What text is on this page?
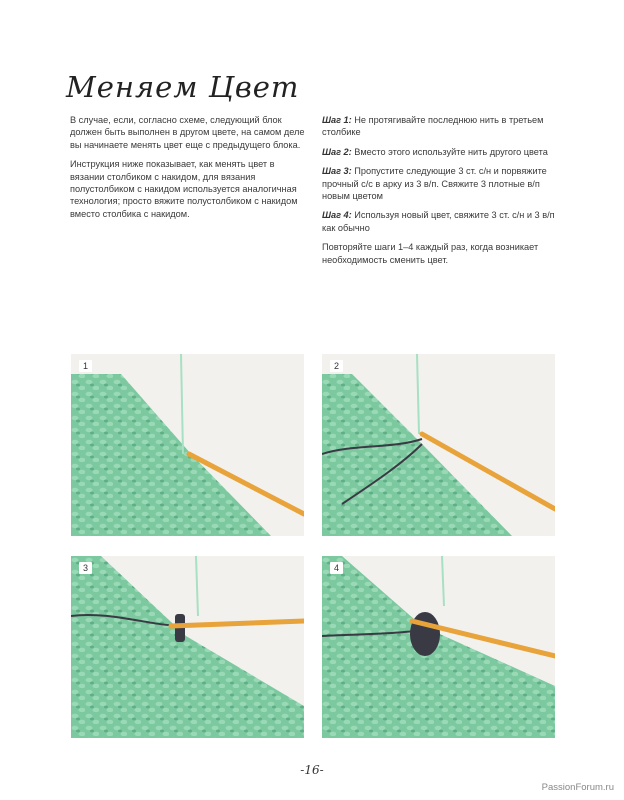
Меняем Цвет

В случае, если, согласно схеме, следующий блок должен быть выполнен в другом цвете, на самом деле вы начинаете менять цвет еще с предыдущего блока.

Инструкция ниже показывает, как менять цвет в вязании столбиком с накидом, для вязания полустолбиком с накидом используется аналогичная технология; просто вяжите полустолбиком с накидом вместо столбика с накидом.

Шаг 1: Не протягивайте последнюю нить в третьем столбике

Шаг 2: Вместо этого используйте нить другого цвета

Шаг 3: Пропустите следующие 3 ст. с/н и порвяжите прочный с/с в арку из 3 в/п. Свяжите 3 плотные в/п новым цветом

Шаг 4: Используя новый цвет, свяжите 3 ст. с/н и 3 в/п как обычно

Повторяйте шаги 1–4 каждый раз, когда возникает необходимость сменить цвет.

1	2
3	4
-16-
PassionForum.ru
